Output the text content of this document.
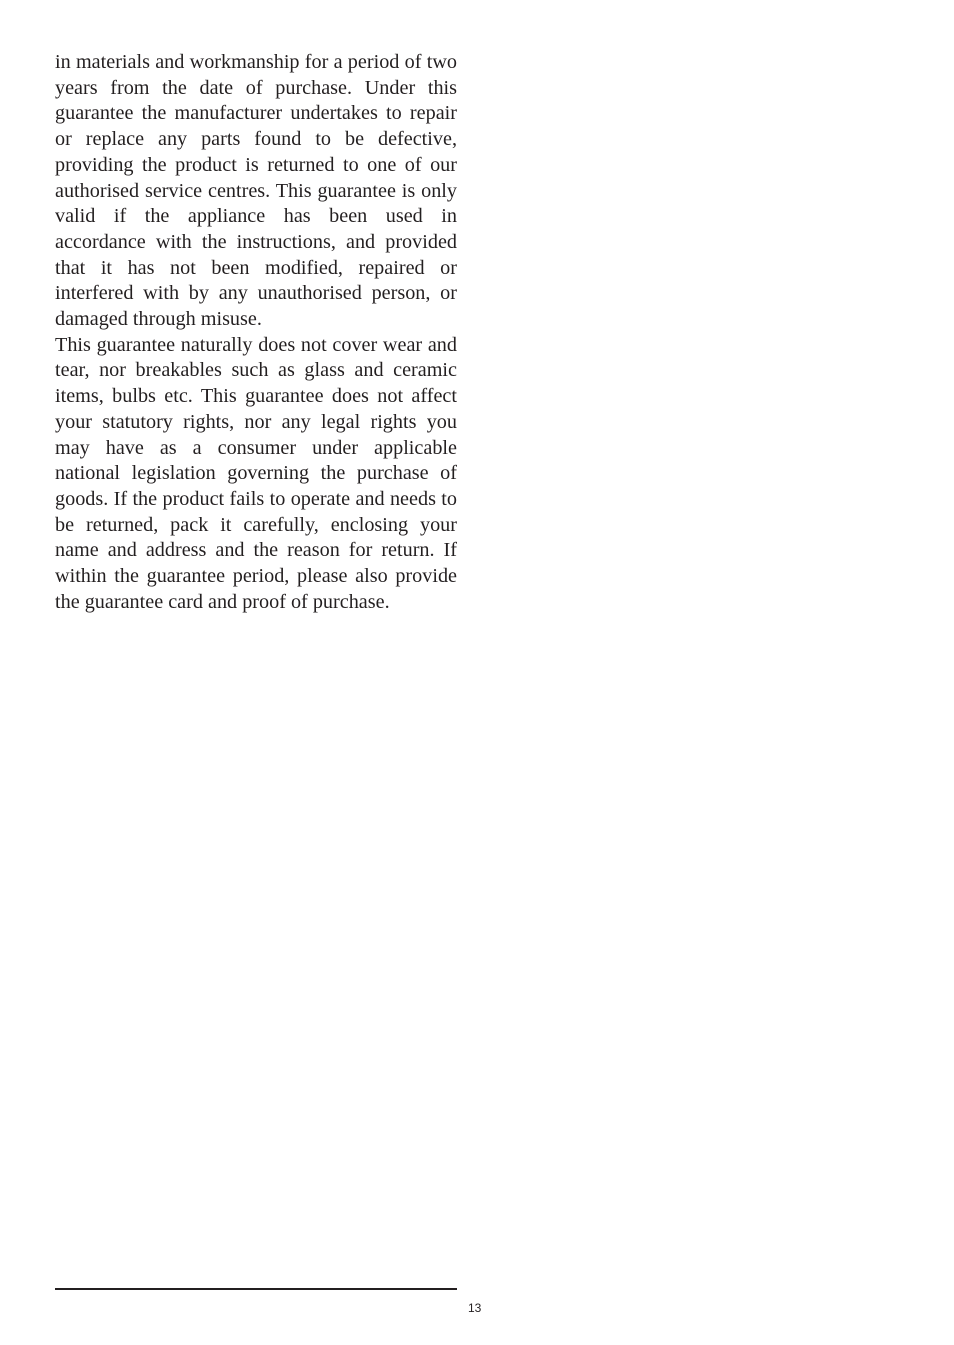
in materials and workmanship for a period of two years from the date of purchase. Under this guarantee the manufacturer undertakes to repair or replace any parts found to be defective, providing the product is returned to one of our authorised service centres. This guarantee is only valid if the appliance has been used in accordance with the instructions, and provided that it has not been modified, repaired or interfered with by any unauthorised person, or damaged through misuse.

This guarantee naturally does not cover wear and tear, nor breakables such as glass and ceramic items, bulbs etc. This guarantee does not affect your statutory rights, nor any legal rights you may have as a consumer under applicable national legislation governing the purchase of goods. If the product fails to operate and needs to be returned, pack it carefully, enclosing your name and address and the reason for return. If within the guarantee period, please also provide the guarantee card and proof of purchase.

13
